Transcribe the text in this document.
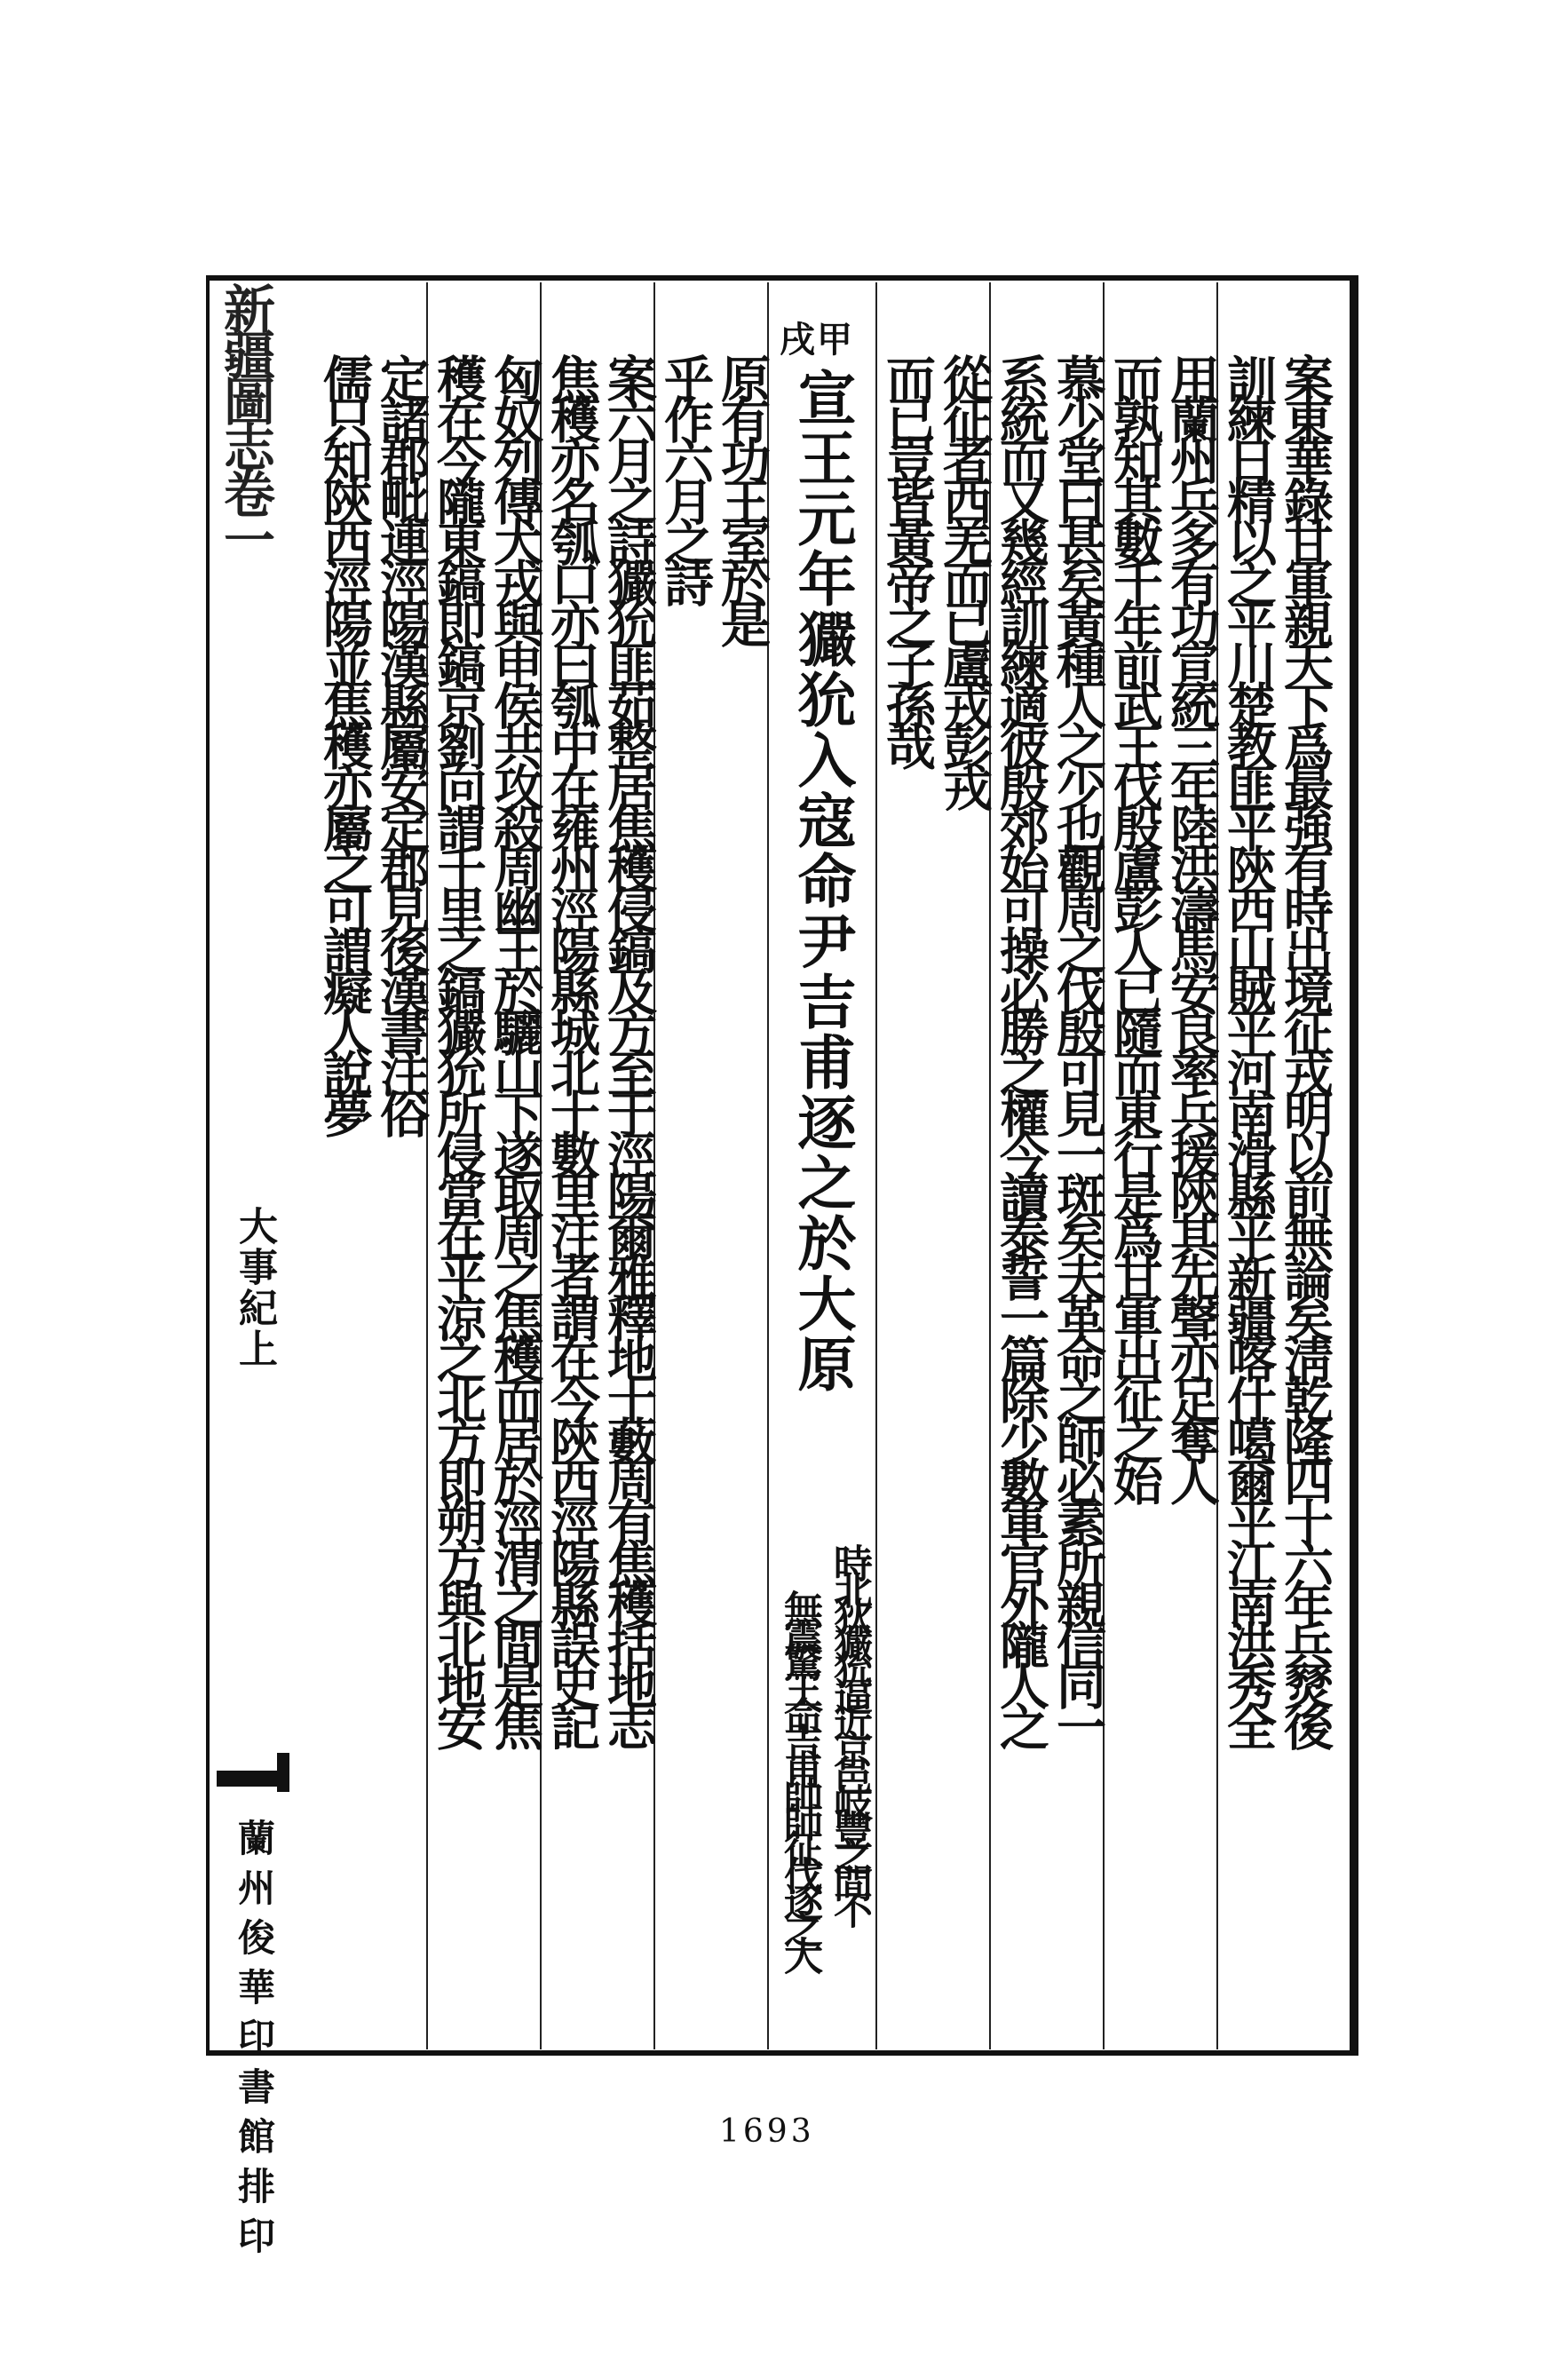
新疆圖志卷一
大事紀上
蘭州俊華印書館排印
案東華錄甘軍親天下爲最強有時出境征戎明以前無論矣淸乾隆四十六年兵燹後
訓練日精以之平川楚教匪平陝西山賊平河南滑縣平新疆喀什噶爾平江南洪秀全
用蘭州兵多有功宣統三年陸洪濤馬安良率兵援陝其先聲亦足奪人
而孰知其數千年前武王伐殷盧彭人已隨而東行是爲甘軍出征之始
慕少堂曰甚矣黃種人之少也觀周之伐殷可見一斑矣夫革命之師必素所親信同一
系統而又幾經訓練適彼殷郊始可操必勝之權今讀泰誓一篇除少數軍官外隴人之
從征者西羌而已盧戎彭戎
而已豈皆黃帝之子孫哉
戌 甲
宣王元年玁狁入寇命尹吉甫逐之於大原
時北狄玁狁逼近京邑岐豐之間不
無震驚王命吉甫帥師征伐逐之大
原有功王室於是
乎作六月之詩
案六月之詩玁狁匪茹整居焦穫侵鎬及方至于涇陽爾雅釋地十藪周有焦穫括地志
焦穫亦名瓠口亦曰瓠中在雍州涇陽縣城北十數里注者謂在今陝西涇陽縣誤史記
匈奴列傳犬戎與申侯共攻殺周幽王於驪山下遂取周之焦穫而居於涇渭之間是焦
穫在今隴東鎬即鎬京劉向謂千里之鎬玁狁所侵當在平涼之北方即朔方與北地安
定諸郡毗連涇陽漢縣屬安定郡見後漢書注俗
儒只知陝西涇陽並焦穫亦屬之可謂癡人說夢
1693
